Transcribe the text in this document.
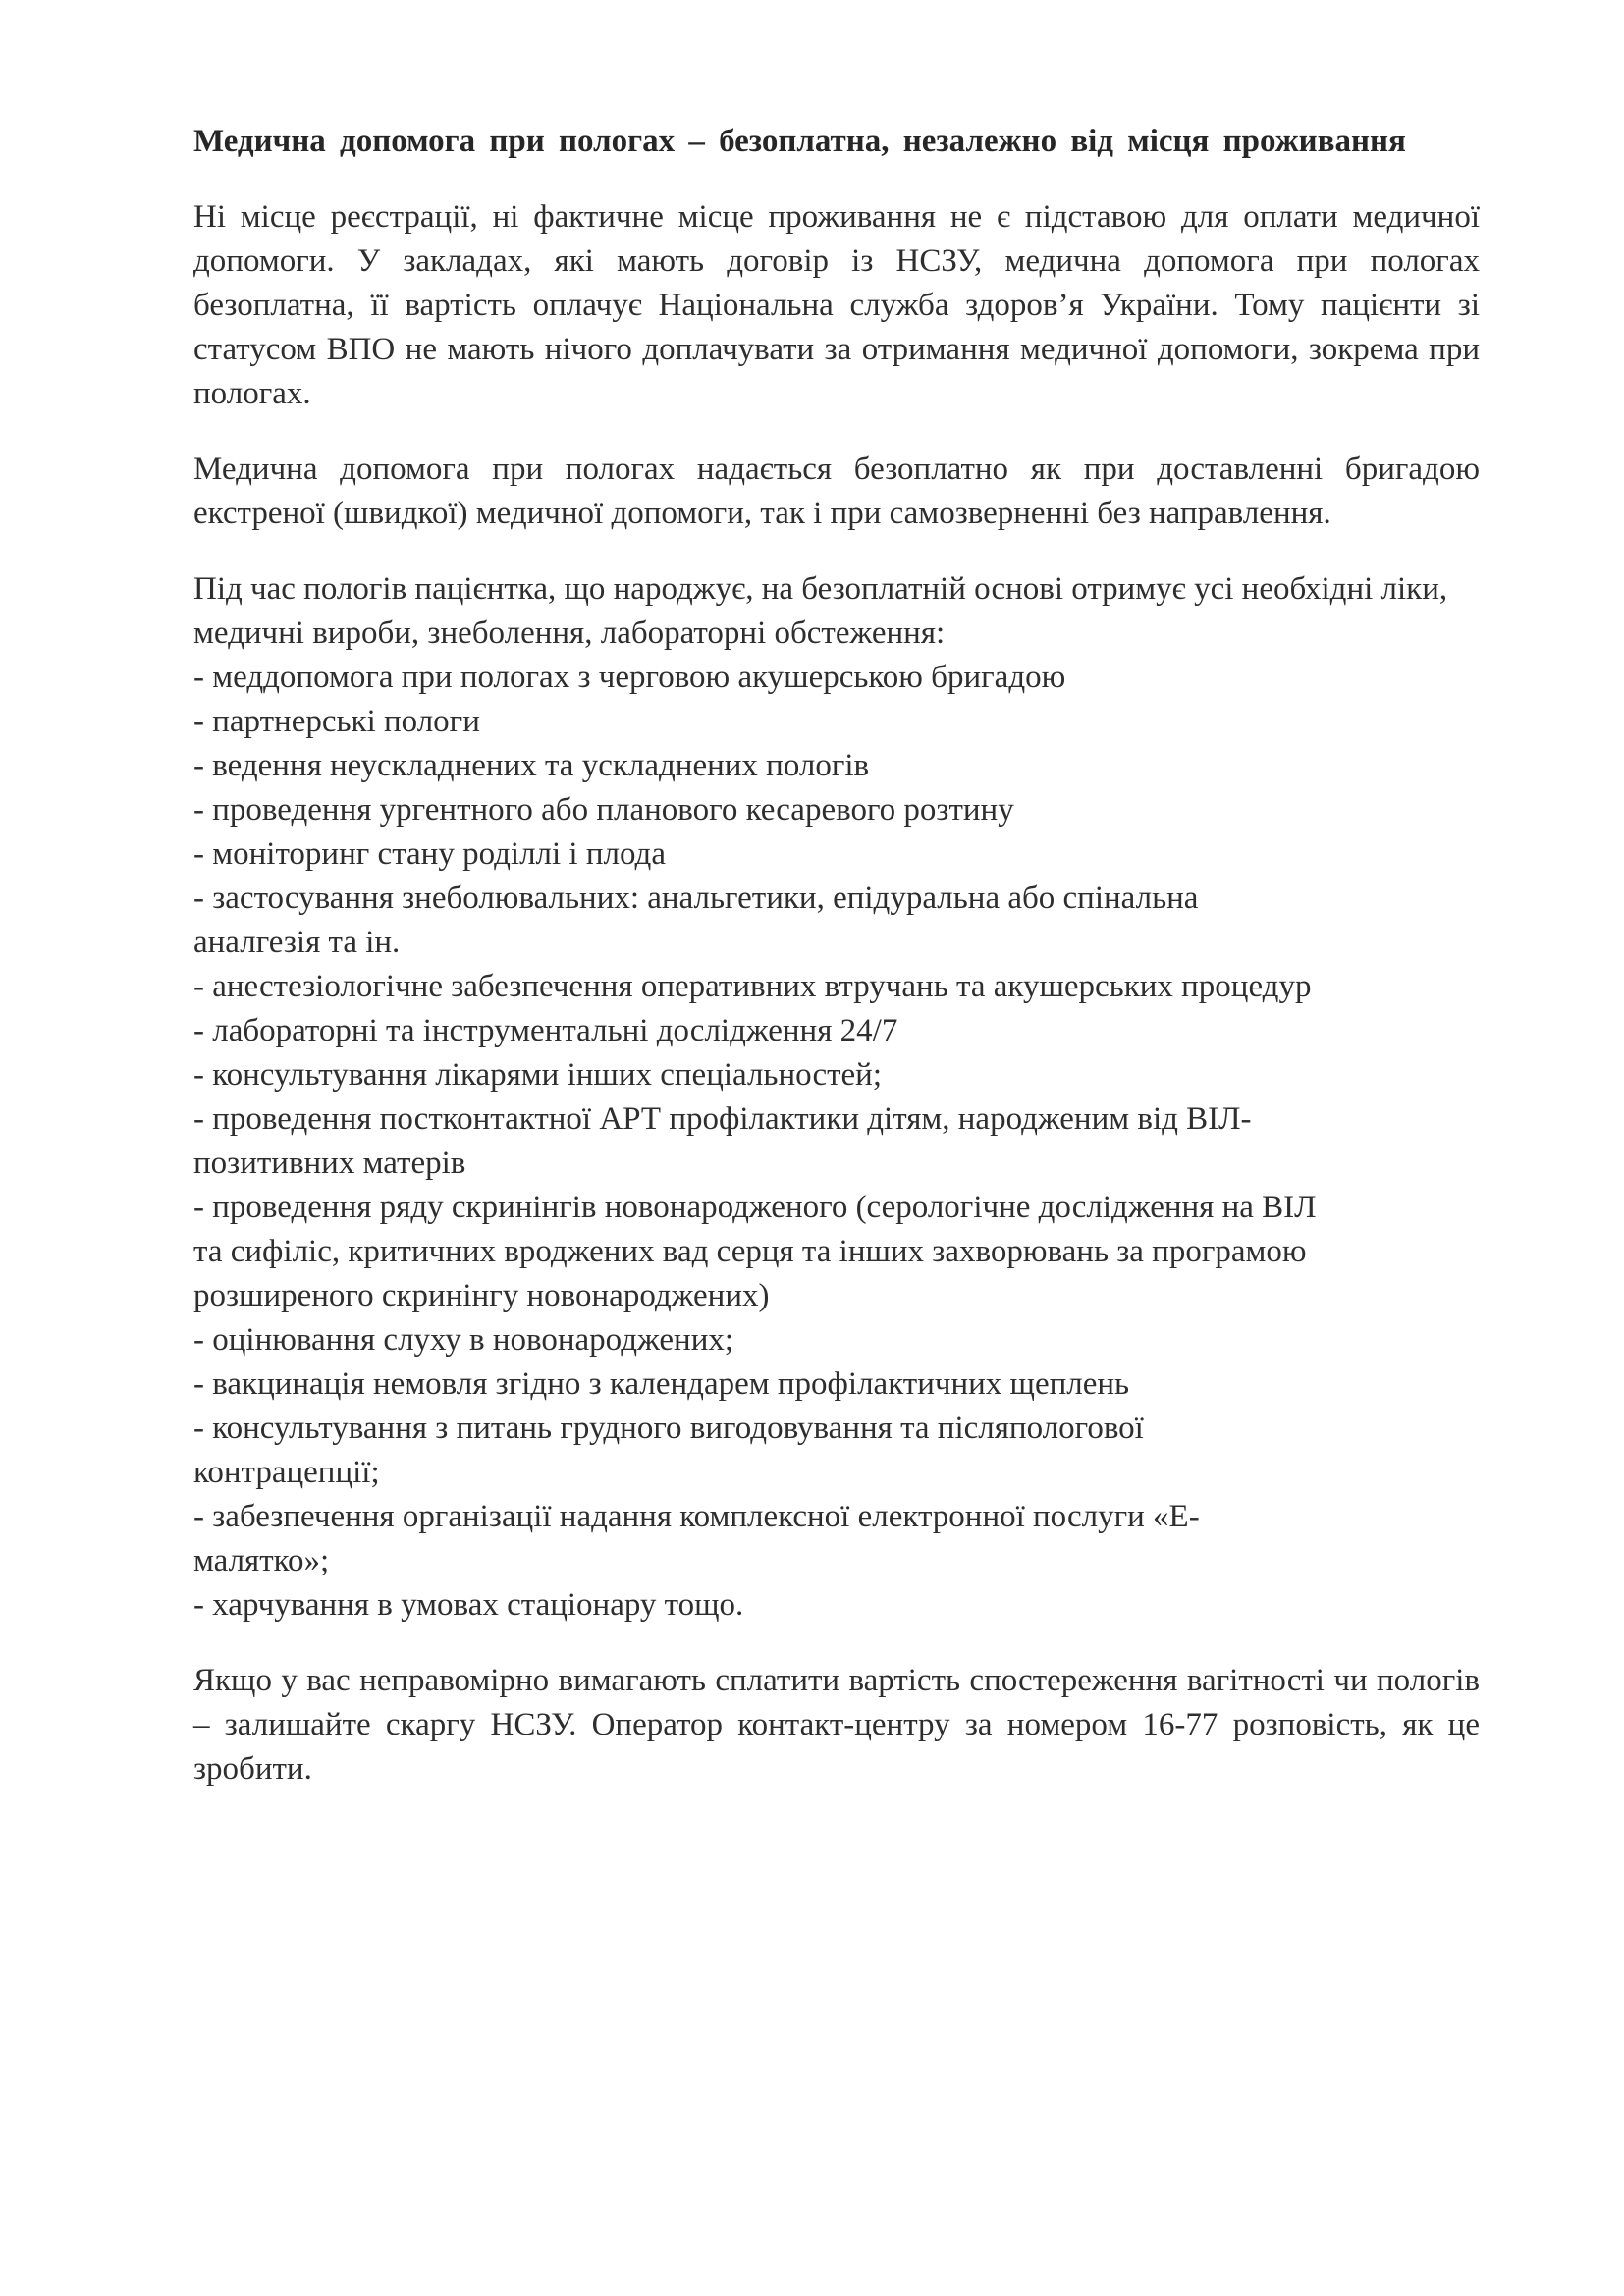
Медична допомога при пологах – безоплатна, незалежно від місця проживання

Ні місце реєстрації, ні фактичне місце проживання не є підставою для оплати медичної допомоги. У закладах, які мають договір із НСЗУ, медична допомога при пологах безоплатна, її вартість оплачує Національна служба здоров’я України. Тому пацієнти зі статусом ВПО не мають нічого доплачувати за отримання медичної допомоги, зокрема при пологах.

Медична допомога при пологах надається безоплатно як при доставленні бригадою екстреної (швидкої) медичної допомоги, так і при самозверненні без направлення.

Під час пологів пацієнтка, що народжує, на безоплатній основі отримує усі необхідні ліки, медичні вироби, знеболення, лабораторні обстеження:

- меддопомога при пологах з черговою акушерською бригадою
- партнерські пологи
- ведення неускладнених та ускладнених пологів
- проведення ургентного або планового кесаревого розтину
- моніторинг стану роділлі і плода
- застосування знеболювальних: анальгетики, епідуральна або спінальна аналгезія та ін.
- анестезіологічне забезпечення оперативних втручань та акушерських процедур
- лабораторні та інструментальні дослідження 24/7
- консультування лікарями інших спеціальностей;
- проведення постконтактної АРТ профілактики дітям, народженим від ВІЛ-позитивних матерів
- проведення ряду скринінгів новонародженого (серологічне дослідження на ВІЛ та сифіліс, критичних вроджених вад серця та інших захворювань за програмою розширеного скринінгу новонароджених)
- оцінювання слуху в новонароджених;
- вакцинація немовля згідно з календарем профілактичних щеплень
- консультування з питань грудного вигодовування та післяпологової контрацепції;
- забезпечення організації надання комплексної електронної послуги «Е-малятко»;
- харчування в умовах стаціонару тощо.

Якщо у вас неправомірно вимагають сплатити вартість спостереження вагітності чи пологів – залишайте скаргу НСЗУ. Оператор контакт-центру за номером 16-77 розповість, як це зробити.
